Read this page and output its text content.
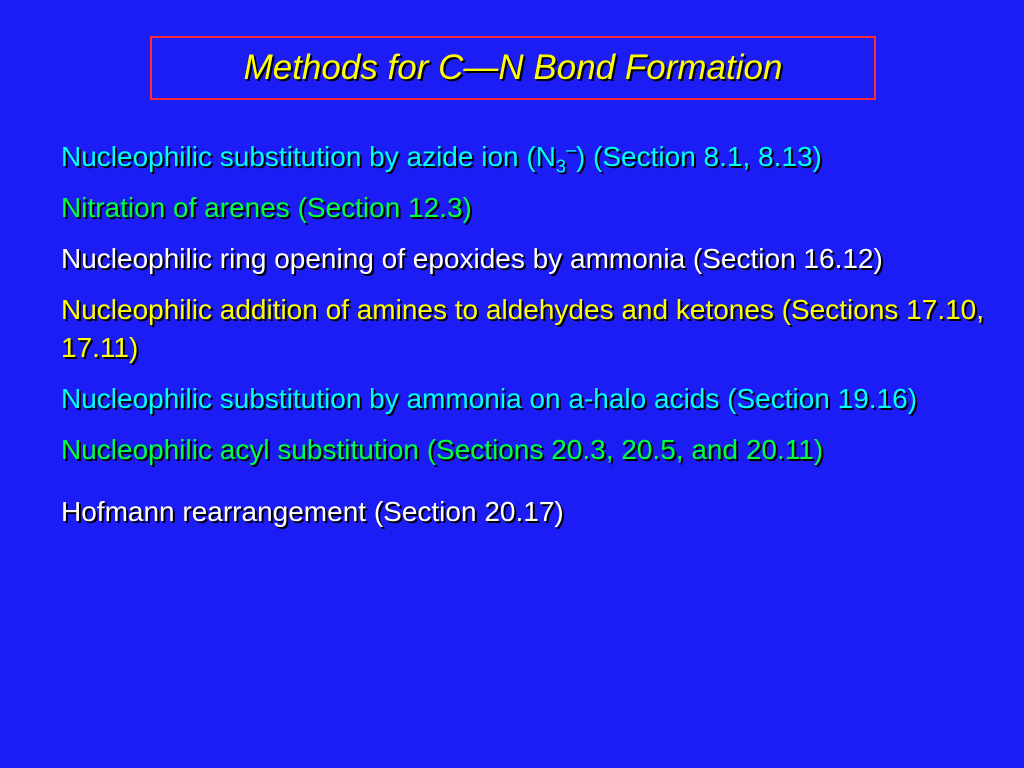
Methods for C—N Bond Formation
Nucleophilic substitution by azide ion $(N_3^-)$ (Section 8.1, 8.13)
Nitration of arenes (Section 12.3)
Nucleophilic ring opening of epoxides by ammonia (Section 16.12)
Nucleophilic addition of amines to aldehydes and ketones (Sections 17.10, 17.11)
Nucleophilic substitution by ammonia on a-halo acids (Section 19.16)
Nucleophilic acyl substitution (Sections 20.3, 20.5, and 20.11)
Hofmann rearrangement (Section 20.17)
